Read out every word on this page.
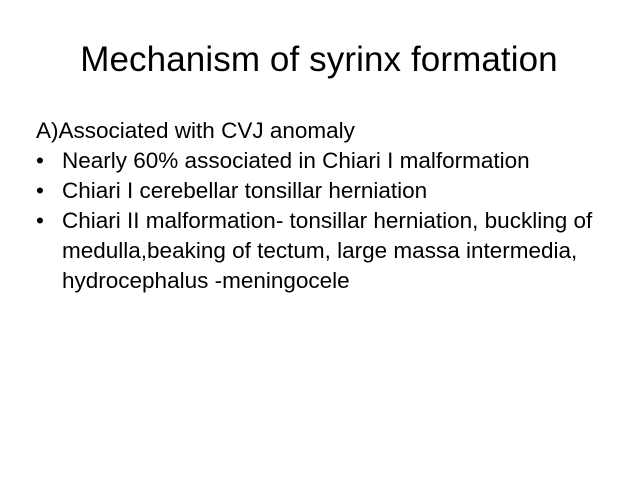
Mechanism of syrinx formation

A)Associated with CVJ anomaly

• Nearly 60% associated in Chiari I malformation
• Chiari I cerebellar tonsillar herniation
• Chiari II malformation- tonsillar herniation, buckling of medulla,beaking of tectum, large massa intermedia, hydrocephalus -meningocele
